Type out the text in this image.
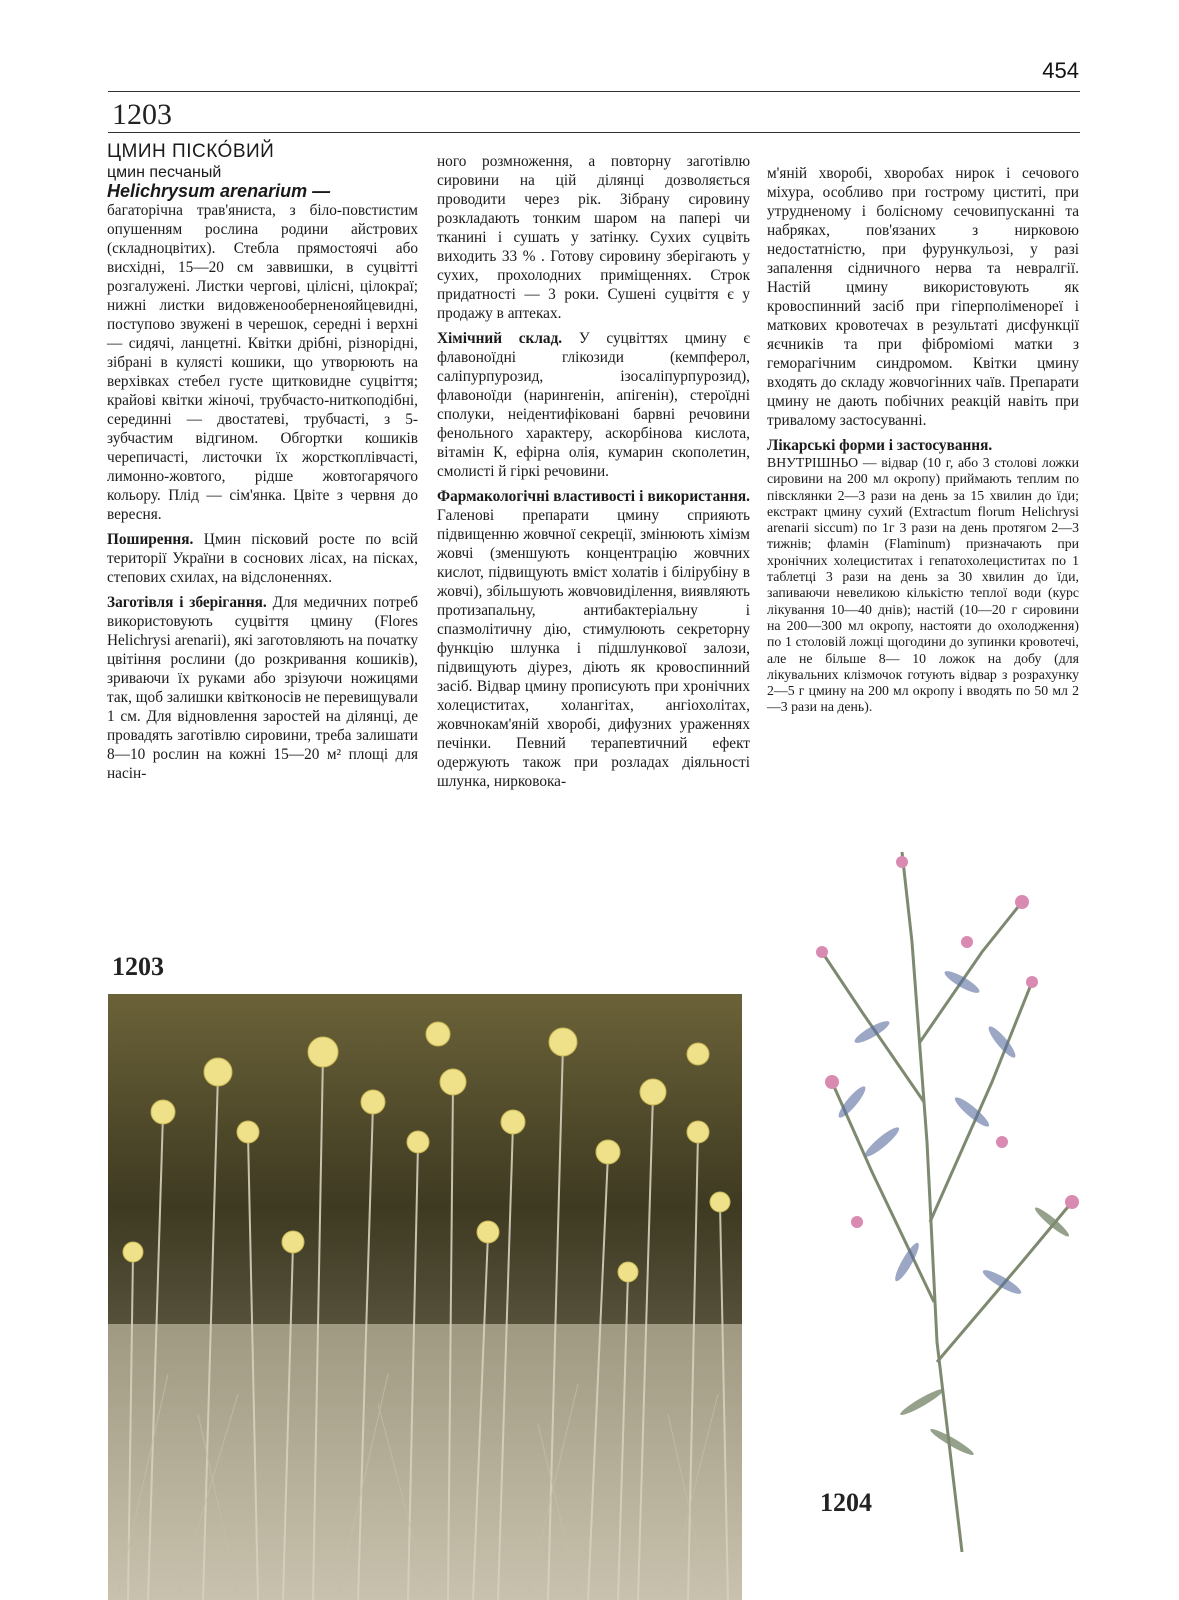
454
1203
ЦМИН ПІСКО́ВИЙ
цмин песчаный
Helichrysum arenarium —

багаторічна трав'яниста, з біло-повстистим опушенням рослина родини айстрових (складноцвітих). Стебла прямостоячі або висхідні, 15—20 см заввишки, в суцвітті розгалужені. Листки чергові, цілісні, цілокраї; нижні листки видовженооберненояйцевидні, поступово звужені в черешок, середні і верхні — сидячі, ланцетні. Квітки дрібні, різнорідні, зібрані в кулясті кошики, що утворюють на верхівках стебел густе щитковидне суцвіття; крайові квітки жіночі, трубчасто-ниткоподібні, серединні — двостатеві, трубчасті, з 5-зубчастим відгином. Обгортки кошиків черепичасті, листочки їх жорсткоплівчасті, лимонно-жовтого, рідше жовтогарячого кольору. Плід — сім'янка. Цвіте з червня до вересня.

Поширення. Цмин пісковий росте по всій території України в соснових лісах, на пісках, степових схилах, на відслоненнях.

Заготівля і зберігання. Для медичних потреб використовують суцвіття цмину (Flores Helichrysi arenarii), які заготовляють на початку цвітіння рослини (до розкривання кошиків), зриваючи їх руками або зрізуючи ножицями так, щоб залишки квітконосів не перевищували 1 см. Для відновлення заростей на ділянці, де провадять заготівлю сировини, треба залишати 8—10 рослин на кожні 15—20 м² площі для насін-

ного розмноження, а повторну заготівлю сировини на цій ділянці дозволяється проводити через рік. Зібрану сировину розкладають тонким шаром на папері чи тканині і сушать у затінку. Сухих суцвіть виходить 33 % . Готову сировину зберігають у сухих, прохолодних приміщеннях. Строк придатності — 3 роки. Сушені суцвіття є у продажу в аптеках.

Хімічний склад. У суцвіттях цмину є флавоноїдні глікозиди (кемпферол, саліпурпурозид, ізосаліпурпурозид), флавоноїди (наринrенін, апігенін), стероїдні сполуки, неідентифіковані барвні речовини фенольного характеру, аскорбінова кислота, вітамін К, ефірна олія, кумарин скополетин, смолисті й гіркі речовини.

Фармакологічні властивості і використання. Галенові препарати цмину сприяють підвищенню жовчної секреції, змінюють хімізм жовчі (зменшують концентрацію жовчних кислот, підвищують вміст холатів і білірубіну в жовчі), збільшують жовчовиділення, виявляють протизапальну, антибактеріальну і спазмолітичну дію, стимулюють секреторну функцію шлунка і підшлункової залози, підвищують діурез, діють як кровоспинний засіб. Відвар цмину прописують при хронічних холециститах, холангітах, ангіохолітах, жовчнокам'яній хворобі, дифузних ураженнях печінки. Певний терапевтичний ефект одержують також при розладах діяльності шлунка, нирковока-

м'яній хворобі, хворобах нирок і сечового міхура, особливо при гострому циститі, при утрудненому і болісному сечовипусканні та набряках, пов'язаних з нирковою недостатністю, при фурункульозі, у разі запалення сідничного нерва та невралгії. Настій цмину використовують як кровоспинний засіб при гіперполіменореї і маткових кровотечах в результаті дисфункції яєчників та при фіброміомі матки з геморагічним синдромом. Квітки цмину входять до складу жовчогінних чаїв. Препарати цмину не дають побічних реакцій навіть при тривалому застосуванні.

Лікарські форми і застосування.

ВНУТРІШНЬО — відвар (10 г, або 3 столові ложки сировини на 200 мл окропу) приймають теплим по півсклянки 2—3 рази на день за 15 хвилин до їди; екстракт цмину сухий (Extractum florum Helichrysi arenarii siccum) по 1г 3 рази на день протягом 2—3 тижнів; фламін (Flaminum) призначають при хронічних холециститах і гепатохолециститах по 1 таблетці 3 рази на день за 30 хвилин до їди, запиваючи невеликою кількістю теплої води (курс лікування 10—40 днів); настій (10—20 г сировини на 200—300 мл окропу, настояти до охолодження) по 1 столовій ложці щогодини до зупинки кровотечі, але не більше 8— 10 ложок на добу (для лікувальних клізмочок готують відвар з розрахунку 2—5 г цмину на 200 мл окропу і вводять по 50 мл 2—3 рази на день).

1203
1204
